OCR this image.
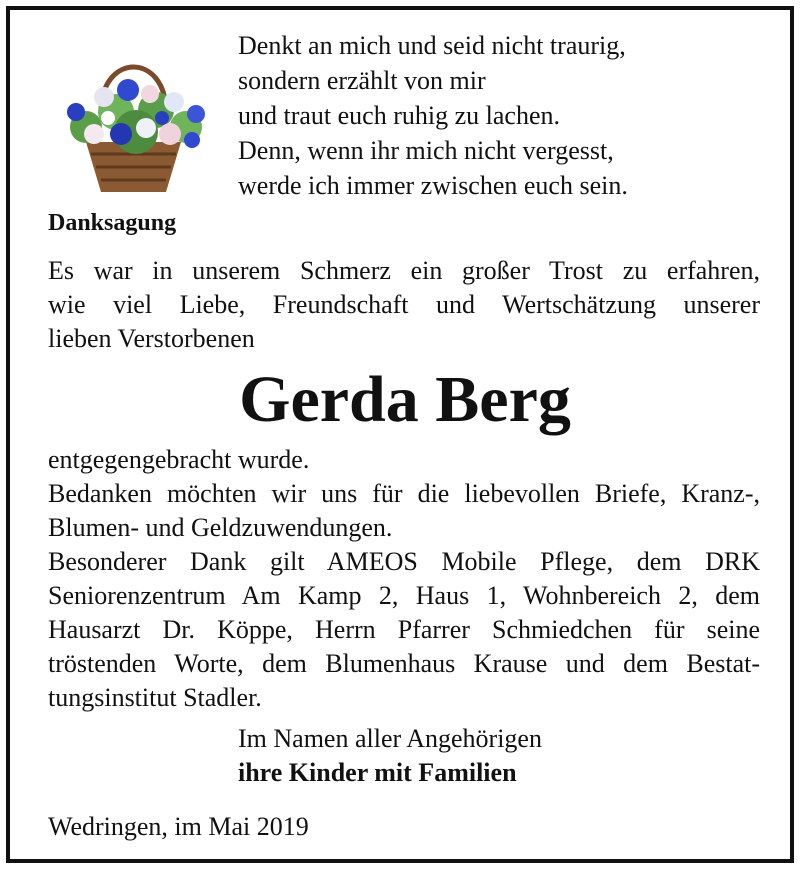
Denkt an mich und seid nicht traurig,
sondern erzählt von mir
und traut euch ruhig zu lachen.
Denn, wenn ihr mich nicht vergesst,
werde ich immer zwischen euch sein.
Danksagung
Es war in unserem Schmerz ein großer Trost zu erfahren,
wie viel Liebe, Freundschaft und Wertschätzung unserer
lieben Verstorbenen
Gerda Berg
entgegengebracht wurde.
Bedanken möchten wir uns für die liebevollen Briefe, Kranz-,
Blumen- und Geldzuwendungen.
Besonderer Dank gilt AMEOS Mobile Pflege, dem DRK
Seniorenzentrum Am Kamp 2, Haus 1, Wohnbereich 2, dem
Hausarzt Dr. Köppe, Herrn Pfarrer Schmiedchen für seine
tröstenden Worte, dem Blumenhaus Krause und dem Bestat-
tungsinstitut Stadler.
Im Namen aller Angehörigen
ihre Kinder mit Familien
Wedringen, im Mai 2019
